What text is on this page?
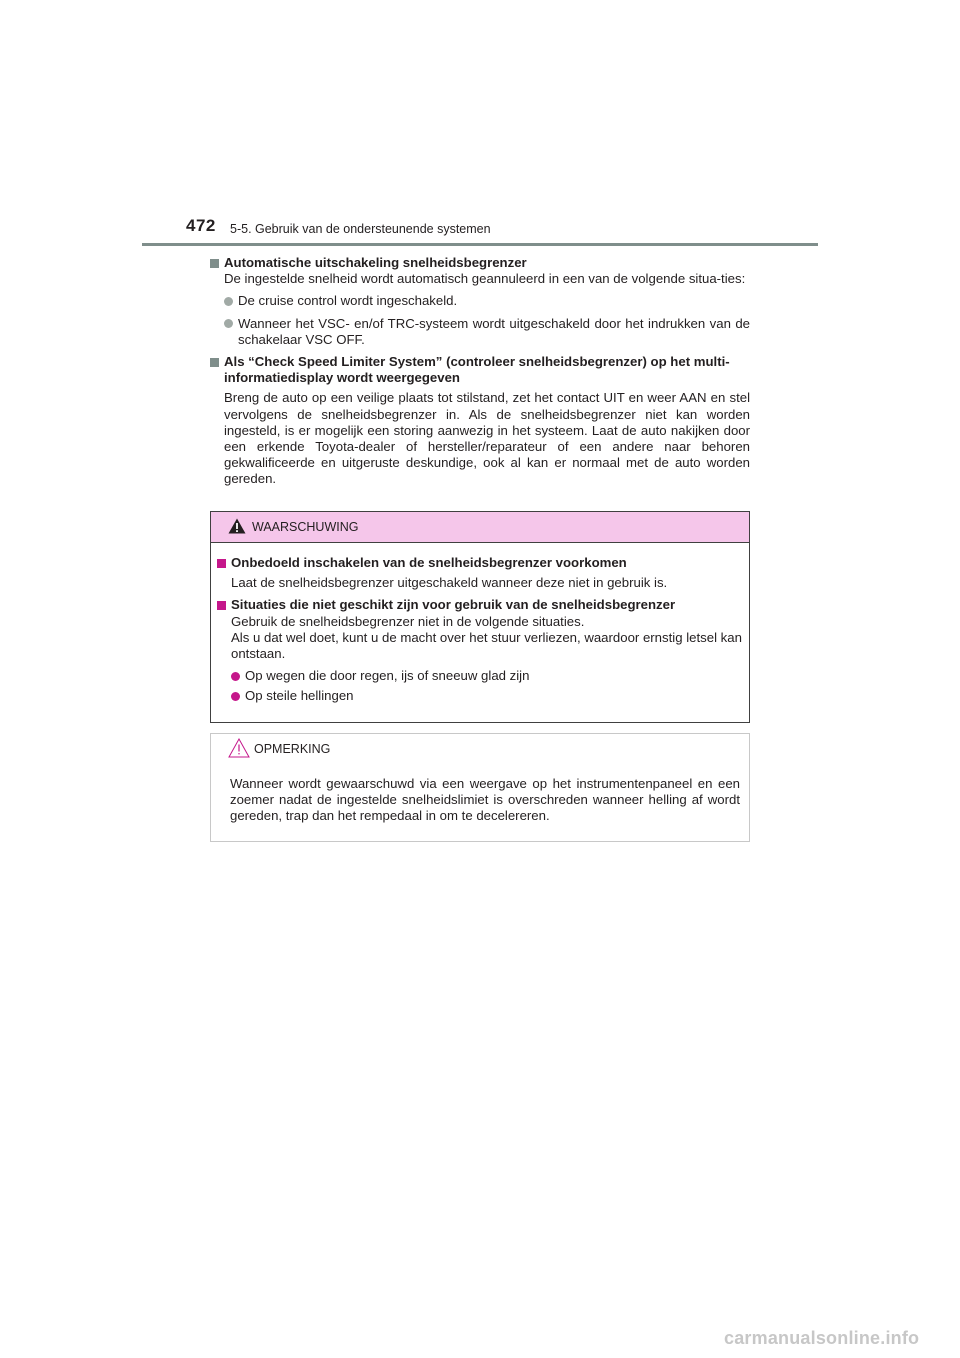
472 5-5. Gebruik van de ondersteunende systemen
Automatische uitschakeling snelheidsbegrenzer
De ingestelde snelheid wordt automatisch geannuleerd in een van de volgende situa-ties:
De cruise control wordt ingeschakeld.
Wanneer het VSC- en/of TRC-systeem wordt uitgeschakeld door het indrukken van de schakelaar VSC OFF.
Als “Check Speed Limiter System” (controleer snelheidsbegrenzer) op het multi-informatiedisplay wordt weergegeven
Breng de auto op een veilige plaats tot stilstand, zet het contact UIT en weer AAN en stel vervolgens de snelheidsbegrenzer in. Als de snelheidsbegrenzer niet kan worden ingesteld, is er mogelijk een storing aanwezig in het systeem. Laat de auto nakijken door een erkende Toyota-dealer of hersteller/reparateur of een andere naar behoren gekwalificeerde en uitgeruste deskundige, ook al kan er normaal met de auto worden gereden.
WAARSCHUWING
Onbedoeld inschakelen van de snelheidsbegrenzer voorkomen
Laat de snelheidsbegrenzer uitgeschakeld wanneer deze niet in gebruik is.
Situaties die niet geschikt zijn voor gebruik van de snelheidsbegrenzer
Gebruik de snelheidsbegrenzer niet in de volgende situaties.
Als u dat wel doet, kunt u de macht over het stuur verliezen, waardoor ernstig letsel kan ontstaan.
Op wegen die door regen, ijs of sneeuw glad zijn
Op steile hellingen
OPMERKING
Wanneer wordt gewaarschuwd via een weergave op het instrumentenpaneel en een zoemer nadat de ingestelde snelheidslimiet is overschreden wanneer helling af wordt gereden, trap dan het rempedaal in om te decelereren.
carmanualsonline.info
